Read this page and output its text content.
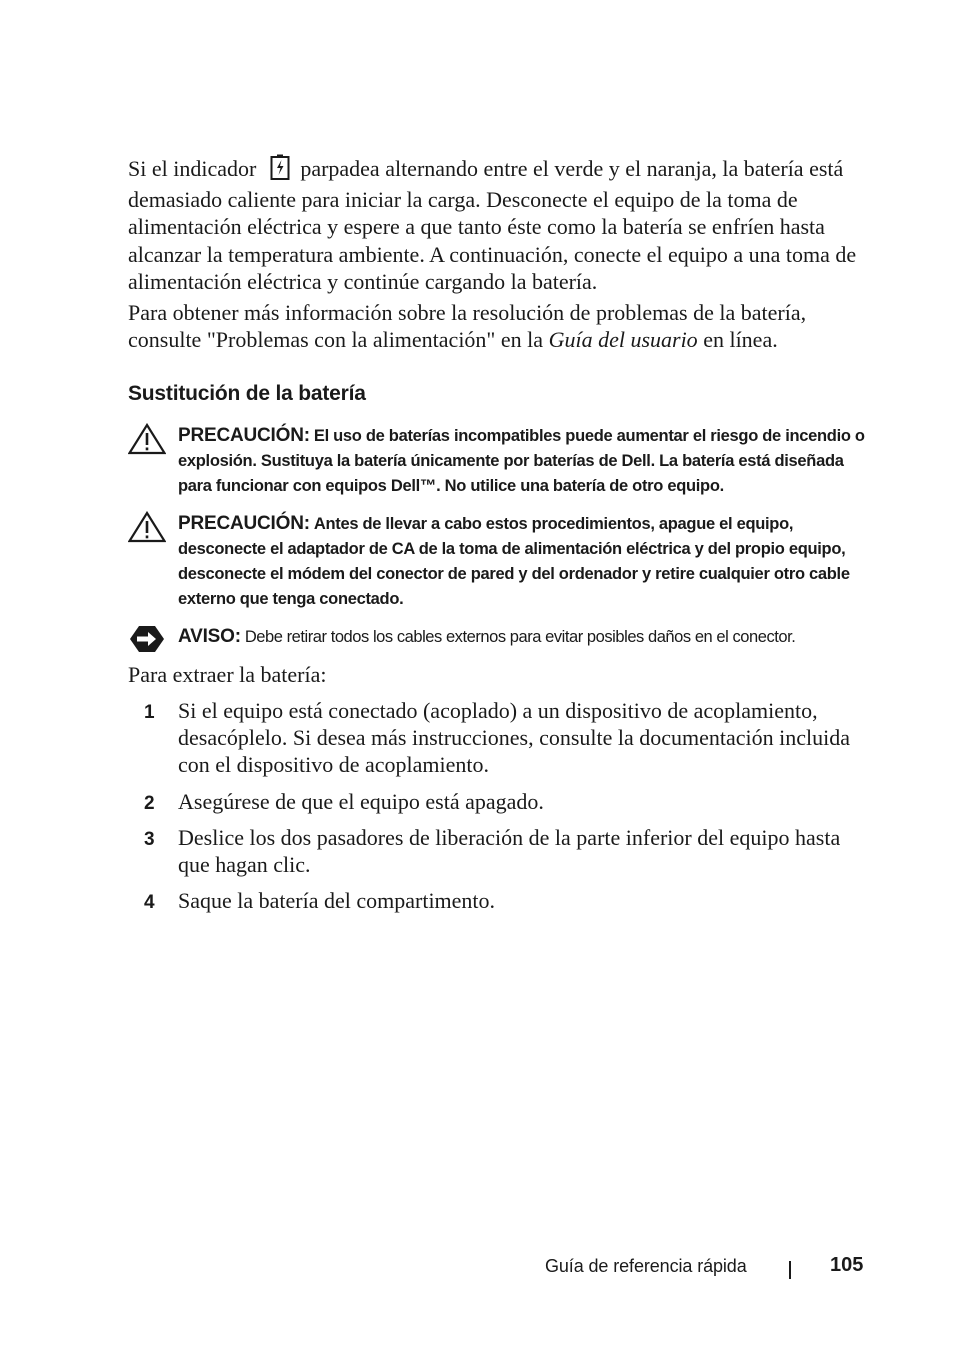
Si el indicador parpadea alternando entre el verde y el naranja, la batería está demasiado caliente para iniciar la carga. Desconecte el equipo de la toma de alimentación eléctrica y espere a que tanto éste como la batería se enfríen hasta alcanzar la temperatura ambiente. A continuación, conecte el equipo a una toma de alimentación eléctrica y continúe cargando la batería.

Para obtener más información sobre la resolución de problemas de la batería, consulte "Problemas con la alimentación" en la Guía del usuario en línea.

Sustitución de la batería
PRECAUCIÓN: El uso de baterías incompatibles puede aumentar el riesgo de incendio o explosión. Sustituya la batería únicamente por baterías de Dell. La batería está diseñada para funcionar con equipos Dell™. No utilice una batería de otro equipo.
PRECAUCIÓN: Antes de llevar a cabo estos procedimientos, apague el equipo, desconecte el adaptador de CA de la toma de alimentación eléctrica y del propio equipo, desconecte el módem del conector de pared y del ordenador y retire cualquier otro cable externo que tenga conectado.
AVISO: Debe retirar todos los cables externos para evitar posibles daños en el conector.

Para extraer la batería:

1 Si el equipo está conectado (acoplado) a un dispositivo de acoplamiento, desacóplelo. Si desea más instrucciones, consulte la documentación incluida con el dispositivo de acoplamiento.
2 Asegúrese de que el equipo está apagado.
3 Deslice los dos pasadores de liberación de la parte inferior del equipo hasta que hagan clic.
4 Saque la batería del compartimento.
Guía de referencia rápida	105
